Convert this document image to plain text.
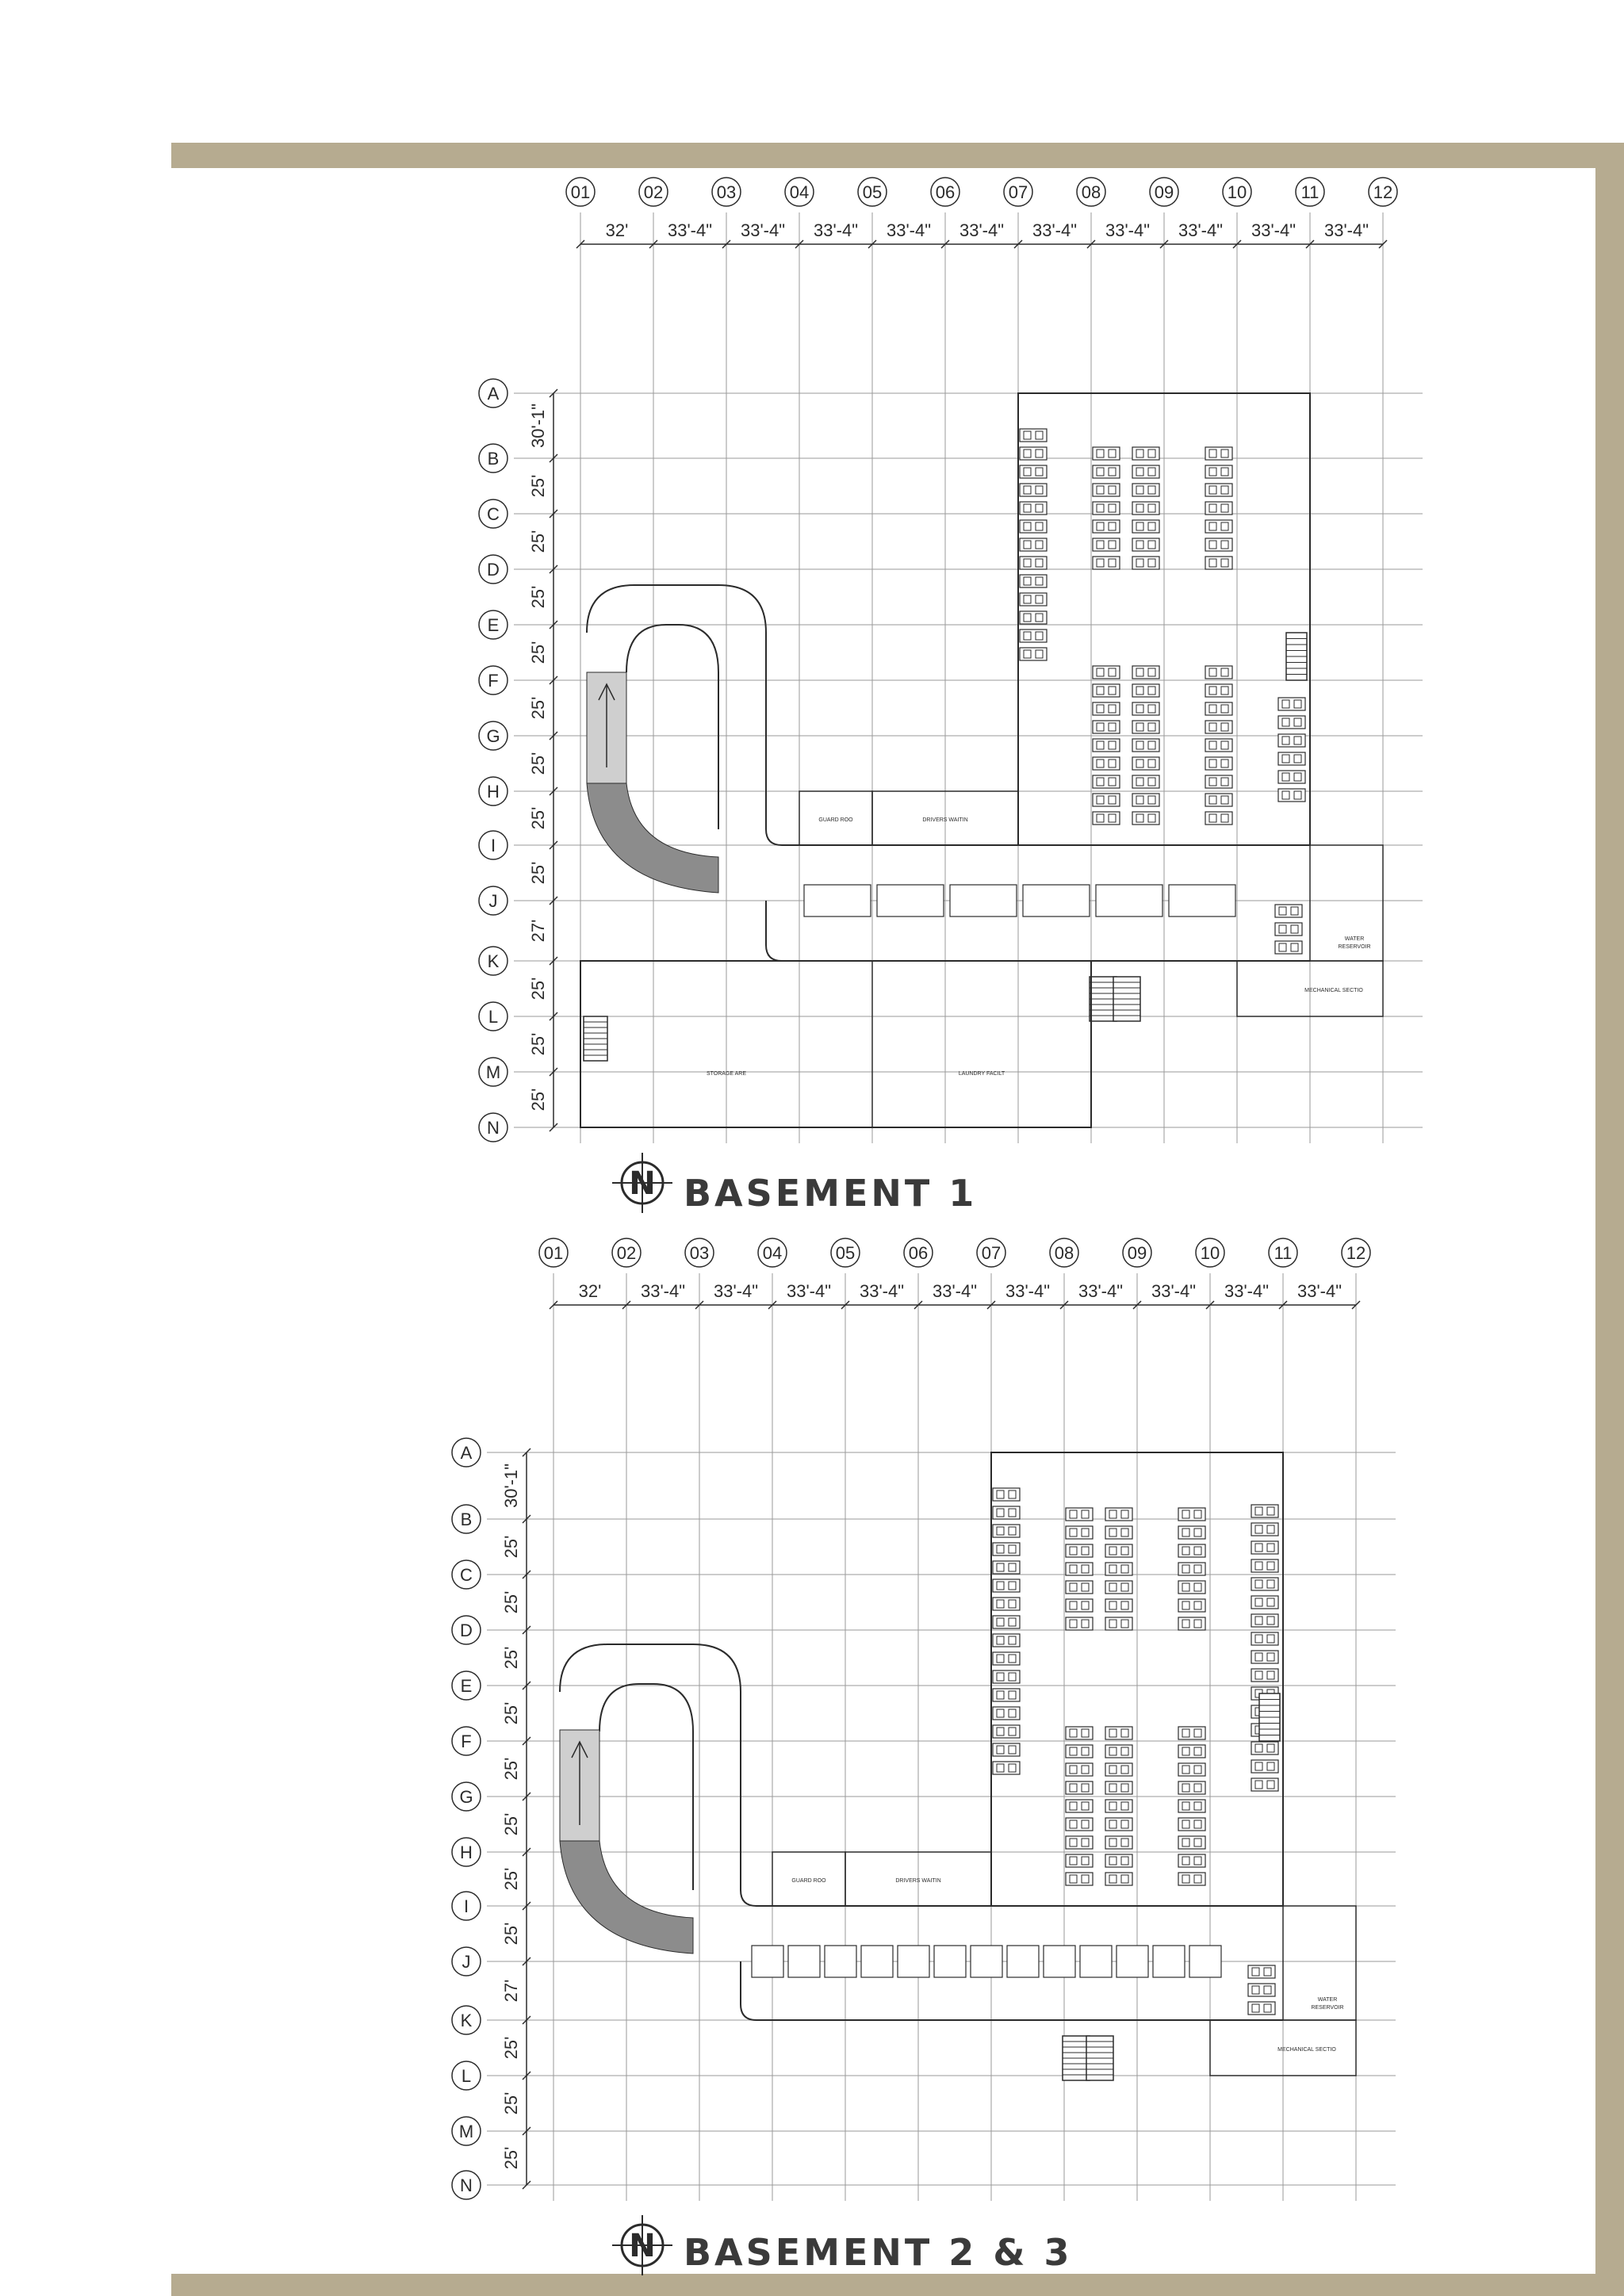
01	02	03	04	05	06	07	08	09	10	11	12
32' 33'-4" 33'-4" 33'-4" 33'-4" 33'-4" 33'-4" 33'-4" 33'-4" 33'-4" 33'-4"
A
B
C
D
E
F
G
H
I
J
K
L
M
N
30'-1"
25'
25'
25'
25'
25'
25'
25'
25'
27'
25'
25'
25'
GUARD ROO	DRIVERS WAITIN
MECHANICAL SECTIO
WATER
RESERVOIR
STORAGE ARE	LAUNDRY FACILT
01	02	03	04	05	06	07	08	09	10	11	12
32' 33'-4" 33'-4" 33'-4" 33'-4" 33'-4" 33'-4" 33'-4" 33'-4" 33'-4" 33'-4"
A
B
C
D
E
F
G
H
I
J
K
L
M
N
30'-1"
25'
25'
25'
25'
25'
25'
25'
25'
27'
25'
25'
25'
GUARD ROO	DRIVERS WAITIN
MECHANICAL SECTIO
WATER
RESERVOIR
N BASEMENT 1
N BASEMENT 2 & 3
